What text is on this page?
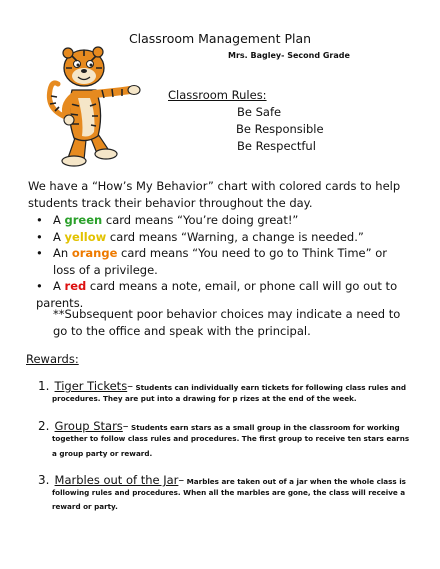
Classroom Management Plan
Mrs. Bagley- Second Grade
Classroom Rules:
Be Safe
Be Responsible
Be Respectful
We have a “How’s My Behavior” chart with colored cards to help students track their behavior throughout the day.
• A green card means “You’re doing great!”
• A yellow card means “Warning, a change is needed.”
• An orange card means “You need to go to Think Time” or loss of a privilege.
• A red card means a note, email, or phone call will go out to parents.
**Subsequent poor behavior choices may indicate a need to go to the office and speak with the principal.
Rewards:
1. Tiger Tickets– Students can individually earn tickets for following class rules and
procedures. They are put into a drawing for p rizes at the end of the week.
2. Group Stars– Students earn stars as a small group in the classroom for working
together to follow class rules and procedures. The first group to receive ten stars earns
a group party or reward.
3. Marbles out of the Jar– Marbles are taken out of a jar when the whole class is
following rules and procedures. When all the marbles are gone, the class will receive a
reward or party.
